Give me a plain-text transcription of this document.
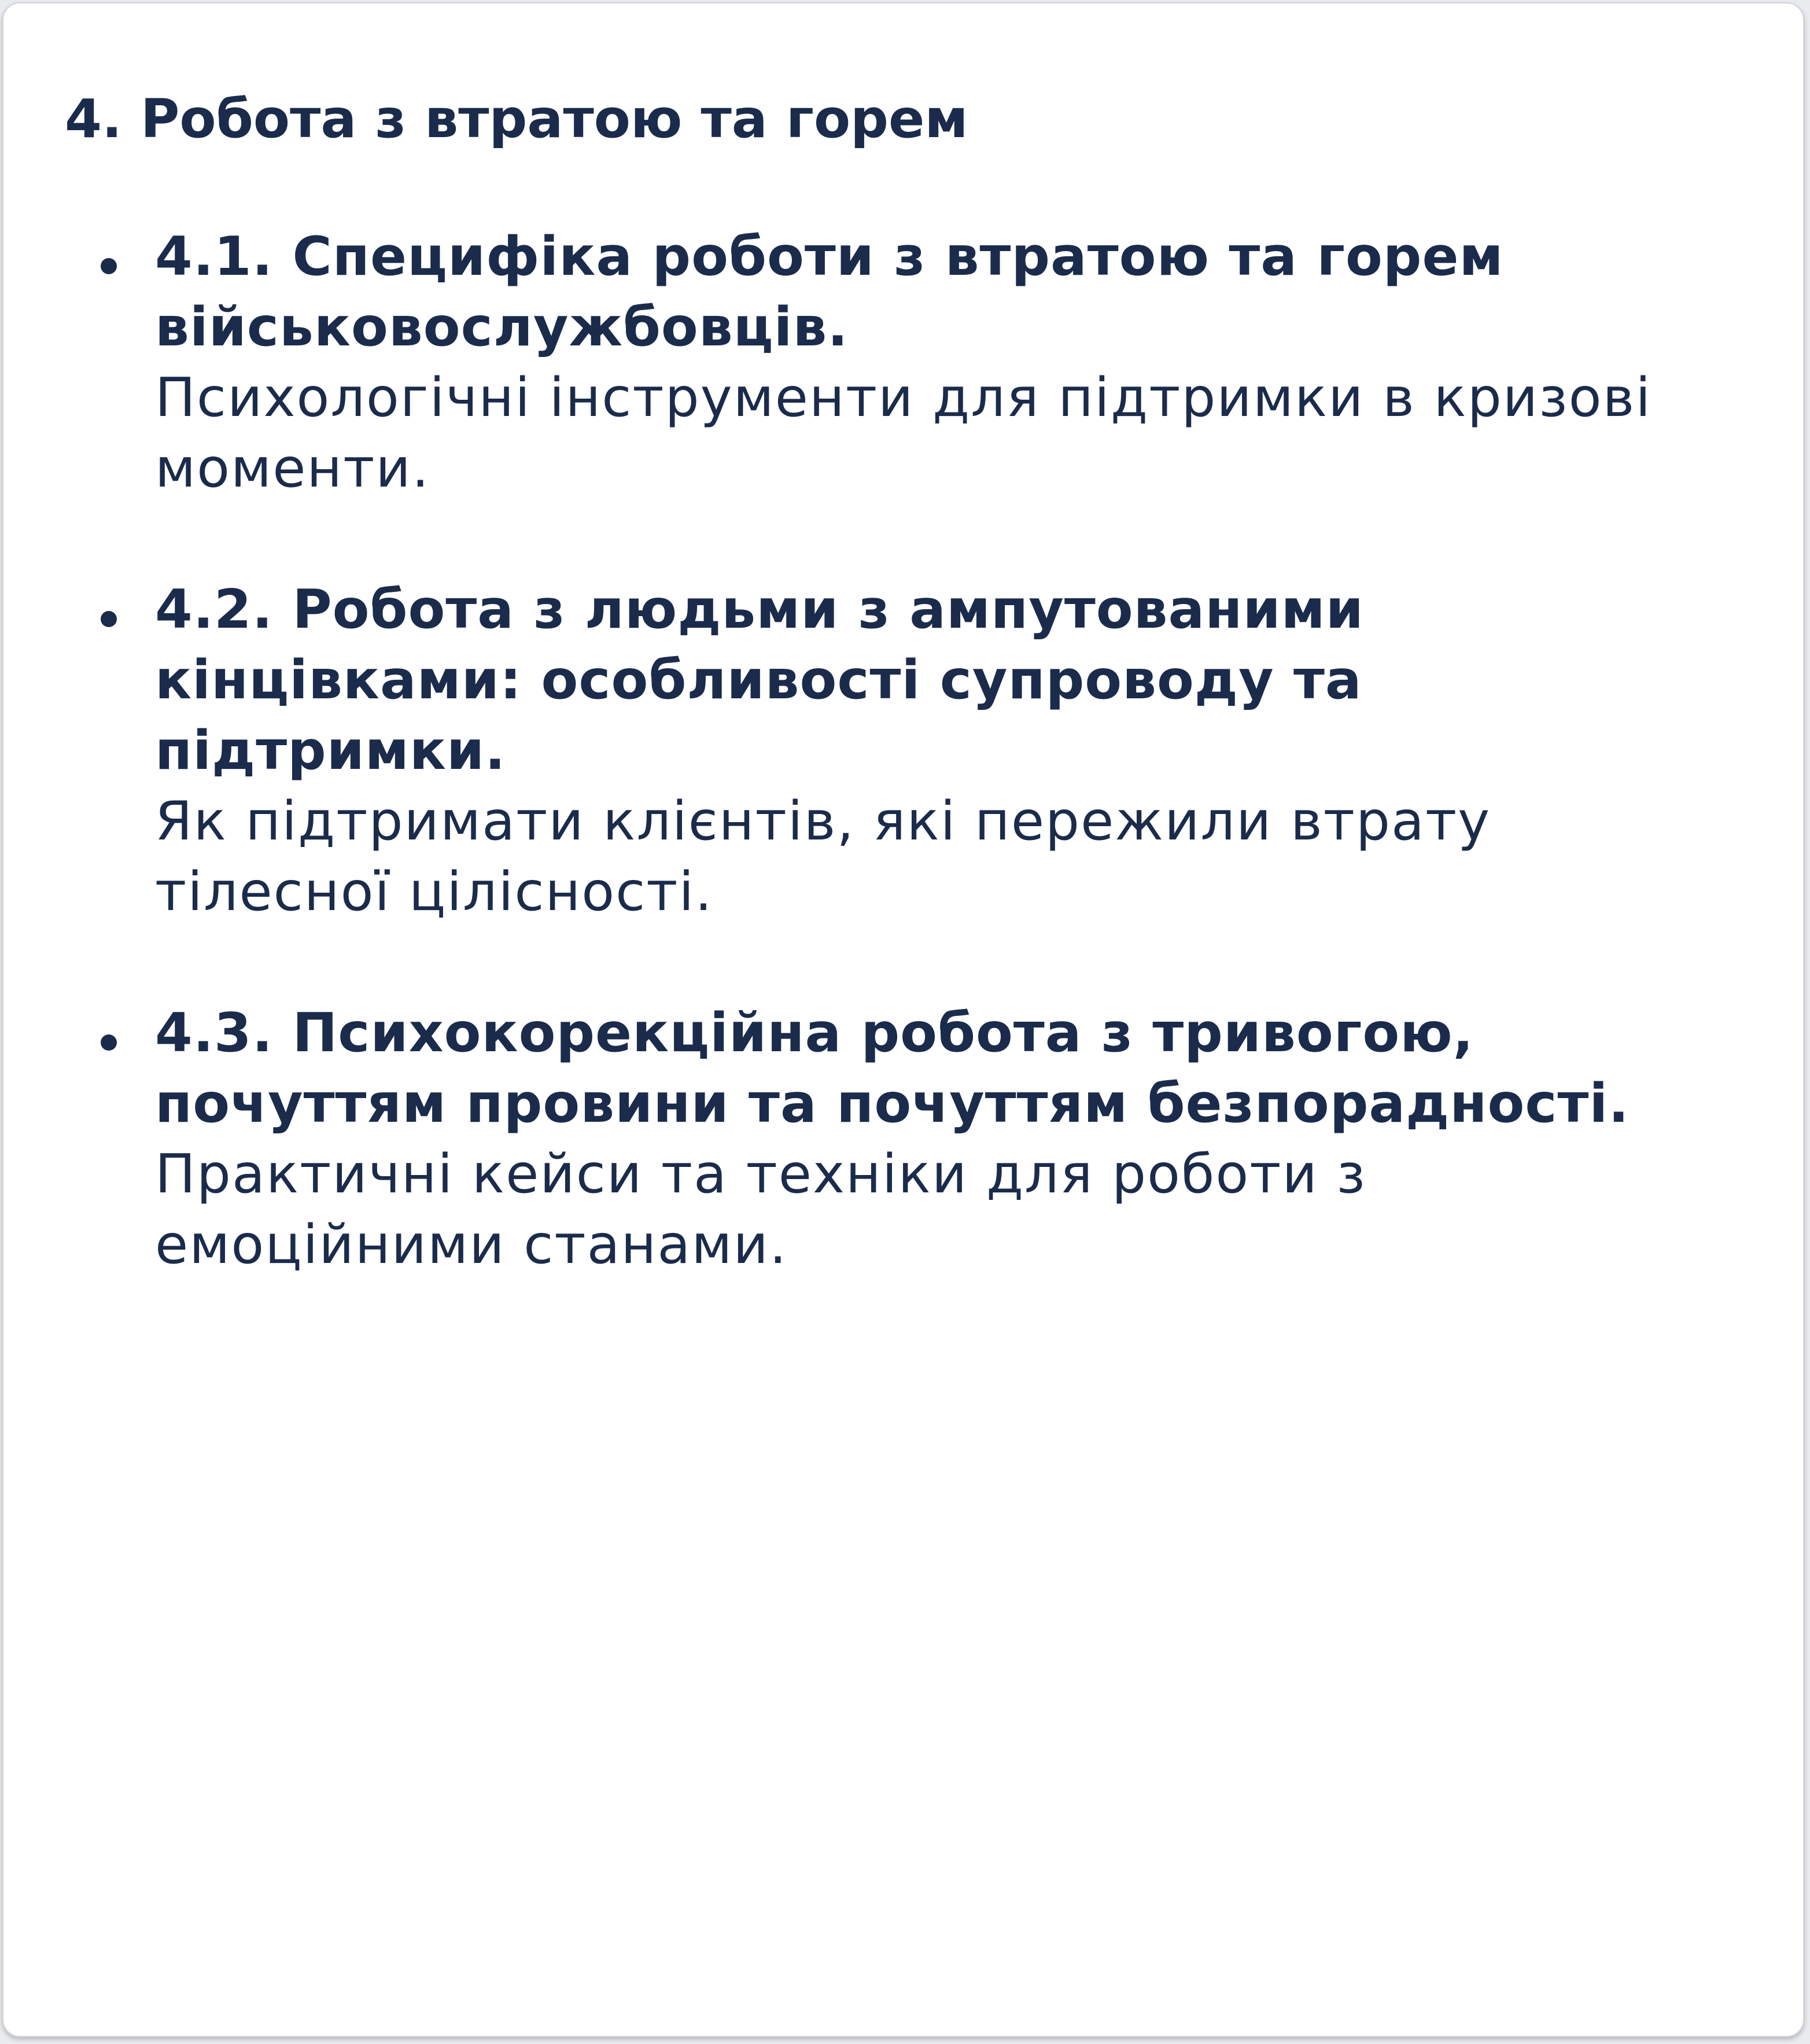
4. Робота з втратою та горем
4.1. Специфіка роботи з втратою та горем
військовослужбовців.
Психологічні інструменти для підтримки в кризові
моменти.
4.2. Робота з людьми з ампутованими
кінцівками: особливості супроводу та
підтримки.
Як підтримати клієнтів, які пережили втрату
тілесної цілісності.
4.3. Психокорекційна робота з тривогою,
почуттям провини та почуттям безпорадності.
Практичні кейси та техніки для роботи з
емоційними станами.
